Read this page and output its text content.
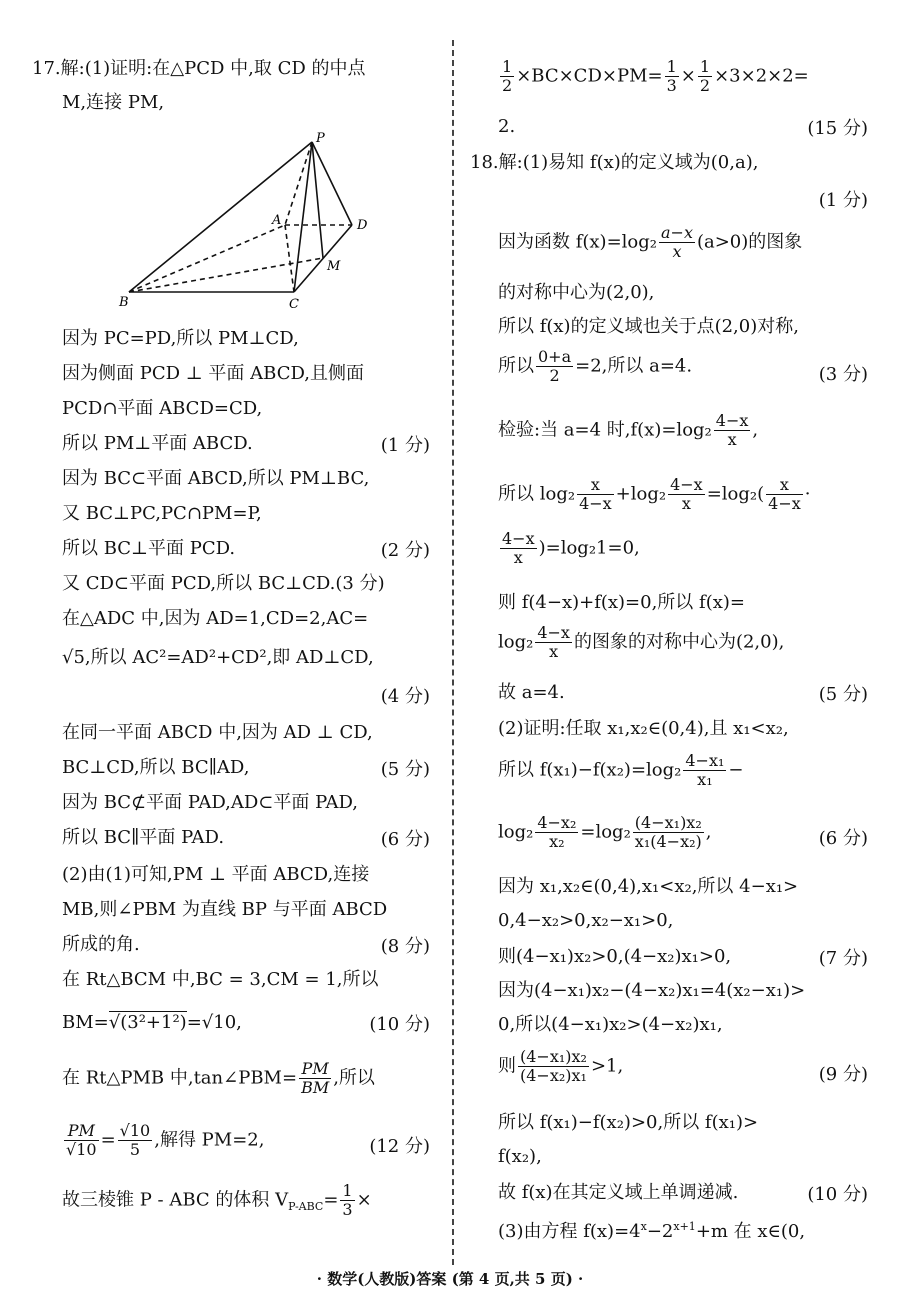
17.解:(1)证明:在△PCD 中,取 CD 的中点
M,连接 PM,
P
A	D
M
B	C
因为 PC=PD,所以 PM⊥CD,
因为侧面 PCD ⊥ 平面 ABCD,且侧面
PCD∩平面 ABCD=CD,
所以 PM⊥平面 ABCD.	(1 分)
因为 BC⊂平面 ABCD,所以 PM⊥BC,
又 BC⊥PC,PC∩PM=P,
所以 BC⊥平面 PCD.	(2 分)
又 CD⊂平面 PCD,所以 BC⊥CD.(3 分)
在△ADC 中,因为 AD=1,CD=2,AC=
√5,所以 AC²=AD²+CD²,即 AD⊥CD,
(4 分)
在同一平面 ABCD 中,因为 AD ⊥ CD,
BC⊥CD,所以 BC∥AD,	(5 分)
因为 BC⊄平面 PAD,AD⊂平面 PAD,
所以 BC∥平面 PAD.	(6 分)
(2)由(1)可知,PM ⊥ 平面 ABCD,连接
MB,则∠PBM 为直线 BP 与平面 ABCD
所成的角.	(8 分)
在 Rt△BCM 中,BC = 3,CM = 1,所以
BM=√(3²+1²)=√10,	(10 分)
在 Rt△PMB 中,tan∠PBM= $\frac{PM}{BM}$ ,所以
$\frac{PM}{√10} = \frac{√10}{5}$ ,解得 PM=2,	(12 分)
故三棱锥 P - ABC 的体积 $V_{P-ABC}= \frac{1}{3}$ ×
$\frac{1}{2} \times BC\times CD\times PM= \frac{1}{3} \times \frac{1}{2} \times 3\times 2\times 2=$
2.	(15 分)
18.解:(1)易知 f(x)的定义域为(0,a),
(1 分)
因为函数 $f(x)=\log_2 \frac{a-x}{x} (a>0)$的图象
的对称中心为(2,0),
所以 f(x)的定义域也关于点(2,0)对称,
所以 $\frac{0+a}{2} =2$,所以 a=4.	(3 分)
检验:当 a=4 时$,f(x)=\log_2 \frac{4-x}{x}$ ,
所以 $\log_2 \frac{x}{4-x} +\log_2 \frac{4-x}{x} =\log_2( \frac{x}{4-x}$ ·
$\frac{4-x}{x} )=\log_21=0$,
则 f(4−x)+f(x)=0,所以 f(x)=
$\log_2 \frac{4-x}{x}$ 的图象的对称中心为(2,0),
故 a=4.	(5 分)
(2)证明:任取 x₁,x₂∈(0,4),且 x₁<x₂,
所以 $f(x_1)-f(x_2)=\log_2 \frac{\text{4−x₁}}{\text{x₁}}$ −
$\log_2 \frac{\text{4−x₂}}{\text{x₂}} =\log_2 \frac{\text{(4−x₁)x₂}}{\text{x₁(4−x₂)}}$ ,	(6 分)
因为 x₁,x₂∈(0,4),x₁<x₂,所以 4−x₁>
0,4−x₂>0,x₂−x₁>0,
则(4−x₁)x₂>0,(4−x₂)x₁>0,	(7 分)
因为(4−x₁)x₂−(4−x₂)x₁=4(x₂−x₁)>
0,所以(4−x₁)x₂>(4−x₂)x₁,
则 $\frac{\text{(4−x₁)x₂}}{\text{(4−x₂)x₁}} >1$,	(9 分)
所以 f(x₁)−f(x₂)>0,所以 f(x₁)>
f(x₂),
故 f(x)在其定义域上单调递减.	(10 分)
(3)由方程 $f(x)=4^x-2^{x+1}+m$ 在 x∈(0,
· 数学(人教版)答案 (第 4 页,共 5 页) ·
